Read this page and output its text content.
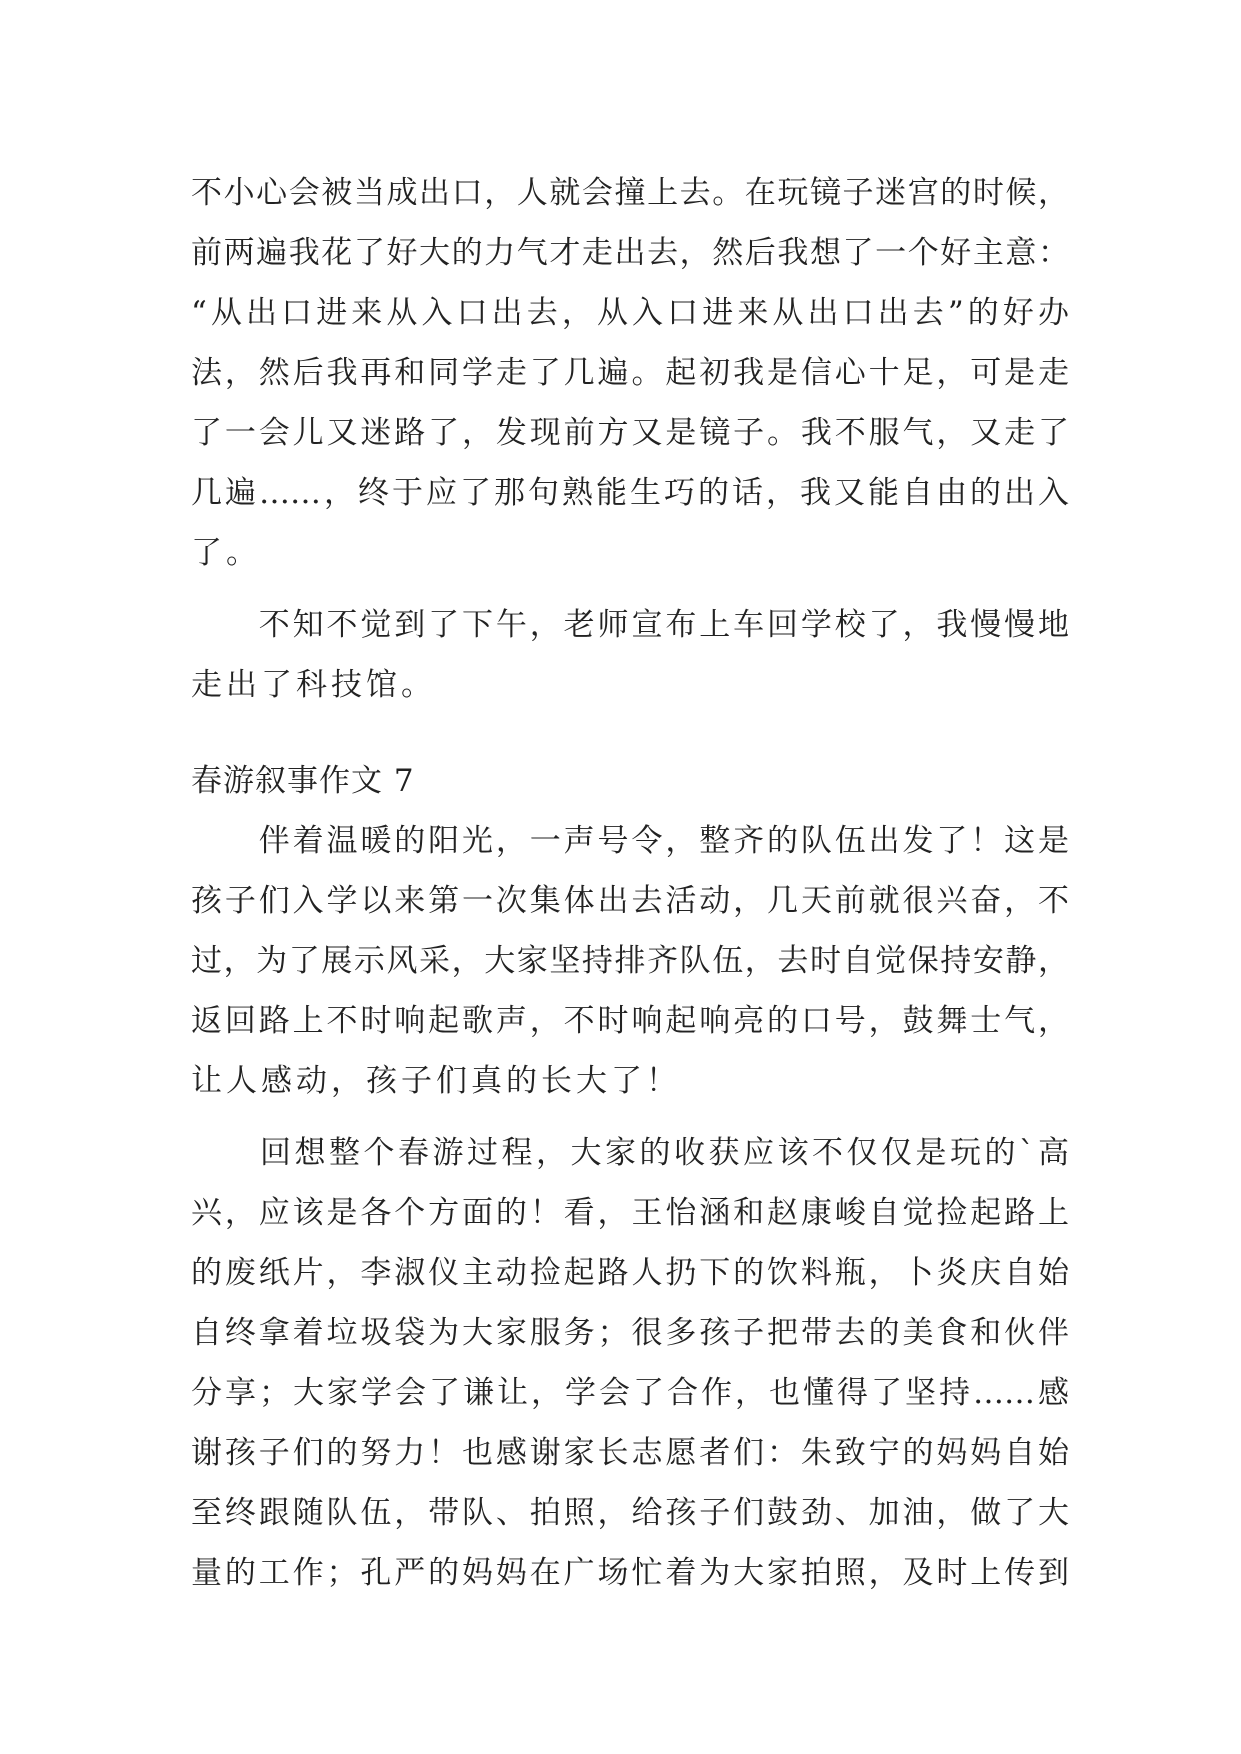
不小心会被当成出口，人就会撞上去。在玩镜子迷宫的时候，
前两遍我花了好大的力气才走出去，然后我想了一个好主意：
“从出口进来从入口出去，从入口进来从出口出去”的好办
法，然后我再和同学走了几遍。起初我是信心十足，可是走
了一会儿又迷路了，发现前方又是镜子。我不服气，又走了
几遍……，终于应了那句熟能生巧的话，我又能自由的出入
了。
　　不知不觉到了下午，老师宣布上车回学校了，我慢慢地
走出了科技馆。
春游叙事作文 7
　　伴着温暖的阳光，一声号令，整齐的队伍出发了！这是
孩子们入学以来第一次集体出去活动，几天前就很兴奋，不
过，为了展示风采，大家坚持排齐队伍，去时自觉保持安静，
返回路上不时响起歌声，不时响起响亮的口号，鼓舞士气，
让人感动，孩子们真的长大了！
　　回想整个春游过程，大家的收获应该不仅仅是玩的`高
兴，应该是各个方面的！看，王怡涵和赵康峻自觉捡起路上
的废纸片，李淑仪主动捡起路人扔下的饮料瓶，卜炎庆自始
自终拿着垃圾袋为大家服务；很多孩子把带去的美食和伙伴
分享；大家学会了谦让，学会了合作，也懂得了坚持……感
谢孩子们的努力！也感谢家长志愿者们：朱致宁的妈妈自始
至终跟随队伍，带队、拍照，给孩子们鼓劲、加油，做了大
量的工作；孔严的妈妈在广场忙着为大家拍照，及时上传到
